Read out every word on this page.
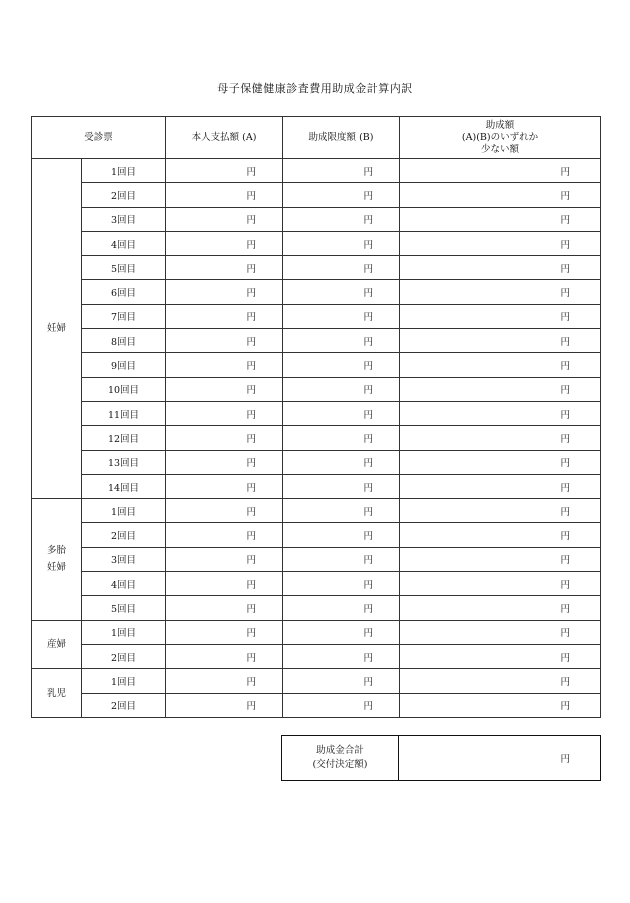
母子保健健康診査費用助成金計算内訳
受診票		本人支払額 (A)	助成限度額 (B)	助成額
(A)(B)のいずれか
少ない額

妊婦	1回目	円	円	円
	2回目	円	円	円
	3回目	円	円	円
	4回目	円	円	円
	5回目	円	円	円
	6回目	円	円	円
	7回目	円	円	円
	8回目	円	円	円
	9回目	円	円	円
	10回目	円	円	円
	11回目	円	円	円
	12回目	円	円	円
	13回目	円	円	円
	14回目	円	円	円

多胎
妊婦	1回目	円	円	円
	2回目	円	円	円
	3回目	円	円	円
	4回目	円	円	円
	5回目	円	円	円

産婦	1回目	円	円	円
	2回目	円	円	円

乳児	1回目	円	円	円
	2回目	円	円	円
助成金合計
(交付決定額)	円
